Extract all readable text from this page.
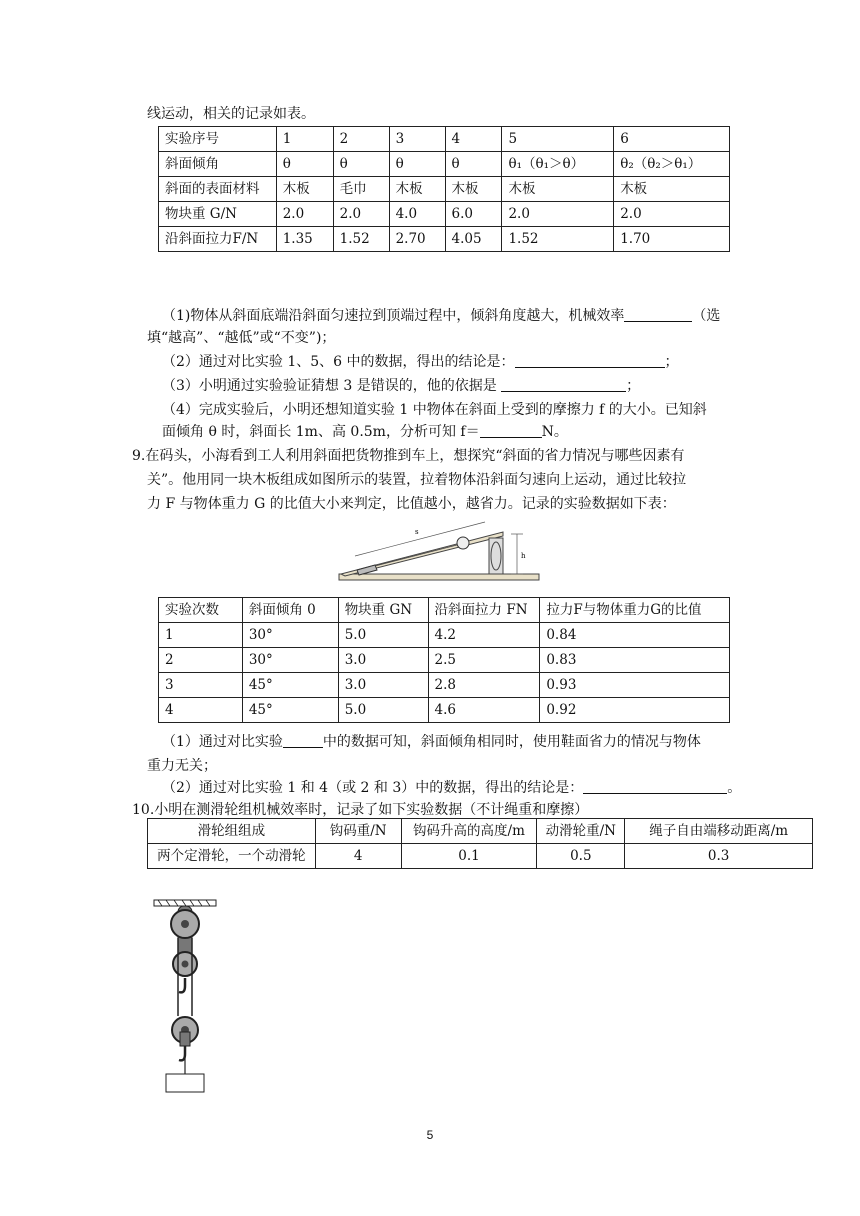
线运动，相关的记录如表。
实验序号	1	2	3	4	5	6
斜面倾角	θ	θ	θ	θ	θ₁（θ₁＞θ）	θ₂（θ₂＞θ₁）
斜面的表面材料	木板	毛巾	木板	木板	木板	木板
物块重 G/N	2.0	2.0	4.0	6.0	2.0	2.0
沿斜面拉力F/N	1.35	1.52	2.70	4.05	1.52	1.70
（1)物体从斜面底端沿斜面匀速拉到顶端过程中，倾斜角度越大，机械效率	（选
填“越高”、“越低”或“不变”)；
（2）通过对比实验 1、5、6 中的数据，得出的结论是：	；
（3）小明通过实验验证猜想 3 是错误的，他的依据是	；
（4）完成实验后，小明还想知道实验 1 中物体在斜面上受到的摩擦力 f 的大小。已知斜
面倾角 θ 时，斜面长 1m、高 0.5m，分析可知 f＝	N。
9.在码头，小海看到工人利用斜面把货物推到车上，想探究“斜面的省力情况与哪些因素有
关”。他用同一块木板组成如图所示的装置，拉着物体沿斜面匀速向上运动，通过比较拉
力 F 与物体重力 G 的比值大小来判定，比值越小，越省力。记录的实验数据如下表：
s
h
实验次数	斜面倾角 0	物块重 GN	沿斜面拉力 FN	拉力F与物体重力G的比值
1	30°	5.0	4.2	0.84
2	30°	3.0	2.5	0.83
3	45°	3.0	2.8	0.93
4	45°	5.0	4.6	0.92
（1）通过对比实验	中的数据可知，斜面倾角相同时，使用鞋面省力的情况与物体
重力无关；
（2）通过对比实验 1 和 4（或 2 和 3）中的数据，得出的结论是：	。
10.小明在测滑轮组机械效率时，记录了如下实验数据（不计绳重和摩擦）
滑轮组组成	钩码重/N	钩码升高的高度/m	动滑轮重/N	绳子自由端移动距离/m
两个定滑轮，一个动滑轮	4	0.1	0.5	0.3
5
